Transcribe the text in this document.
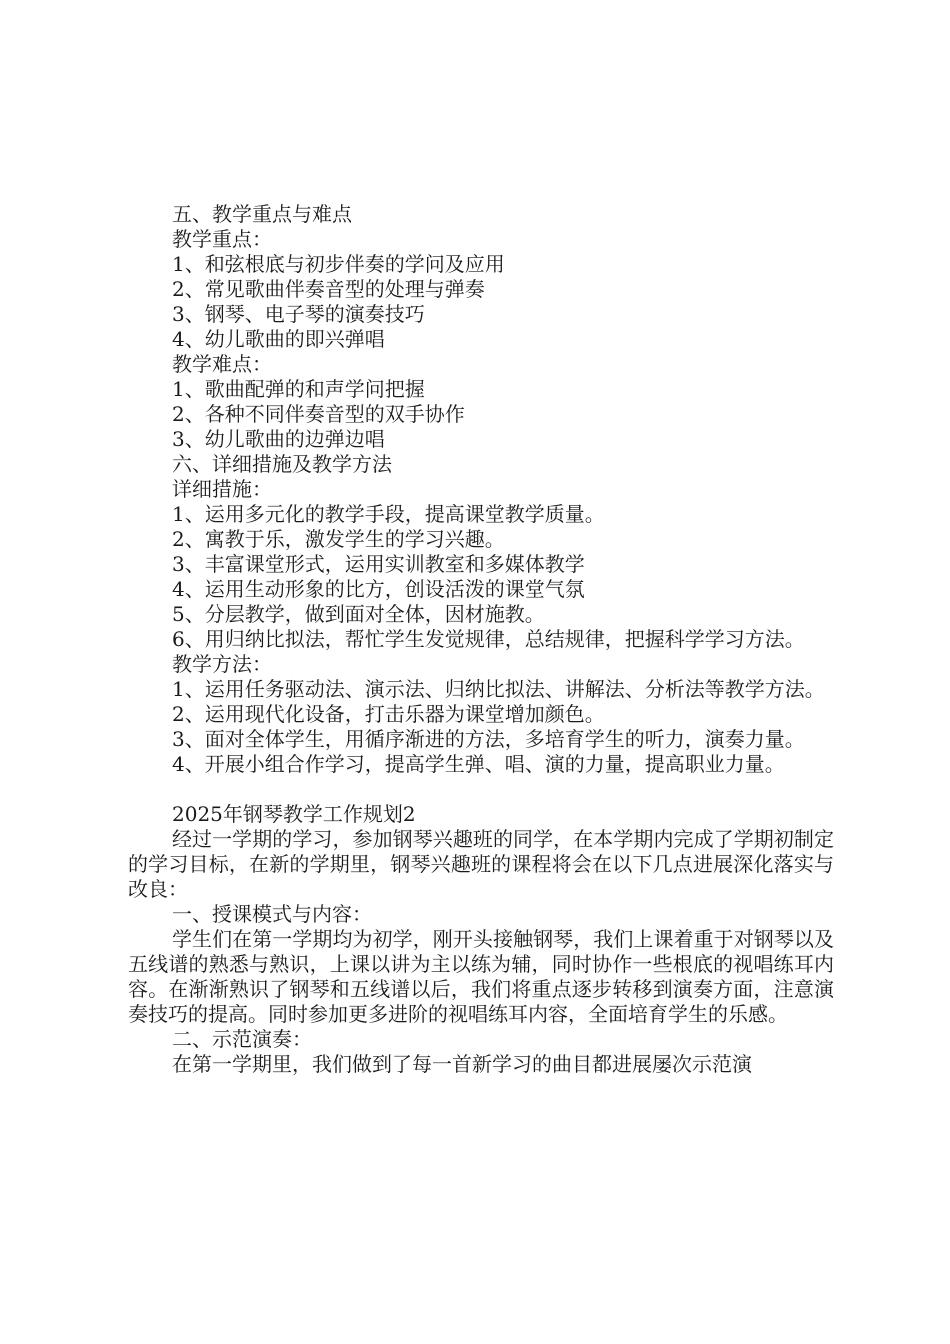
五、教学重点与难点
教学重点：
1、和弦根底与初步伴奏的学问及应用
2、常见歌曲伴奏音型的处理与弹奏
3、钢琴、电子琴的演奏技巧
4、幼儿歌曲的即兴弹唱
教学难点：
1、歌曲配弹的和声学问把握
2、各种不同伴奏音型的双手协作
3、幼儿歌曲的边弹边唱
六、详细措施及教学方法
详细措施：
1、运用多元化的教学手段，提高课堂教学质量。
2、寓教于乐，激发学生的学习兴趣。
3、丰富课堂形式，运用实训教室和多媒体教学
4、运用生动形象的比方，创设活泼的课堂气氛
5、分层教学，做到面对全体，因材施教。

6、用归纳比拟法，帮忙学生发觉规律，总结规律，把握科学学习方法。

教学方法：

1、运用任务驱动法、演示法、归纳比拟法、讲解法、分析法等教学方法。

2、运用现代化设备，打击乐器为课堂增加颜色。

3、面对全体学生，用循序渐进的方法，多培育学生的听力，演奏力量。

4、开展小组合作学习，提高学生弹、唱、演的力量，提高职业力量。
2025年钢琴教学工作规划2

经过一学期的学习，参加钢琴兴趣班的同学，在本学期内完成了学期初制定的学习目标，在新的学期里，钢琴兴趣班的课程将会在以下几点进展深化落实与改良：

一、授课模式与内容：

学生们在第一学期均为初学，刚开头接触钢琴，我们上课着重于对钢琴以及五线谱的熟悉与熟识，上课以讲为主以练为辅，同时协作一些根底的视唱练耳内容。在渐渐熟识了钢琴和五线谱以后，我们将重点逐步转移到演奏方面，注意演奏技巧的提高。同时参加更多进阶的视唱练耳内容，全面培育学生的乐感。

二、示范演奏：

在第一学期里，我们做到了每一首新学习的曲目都进展屡次示范演
